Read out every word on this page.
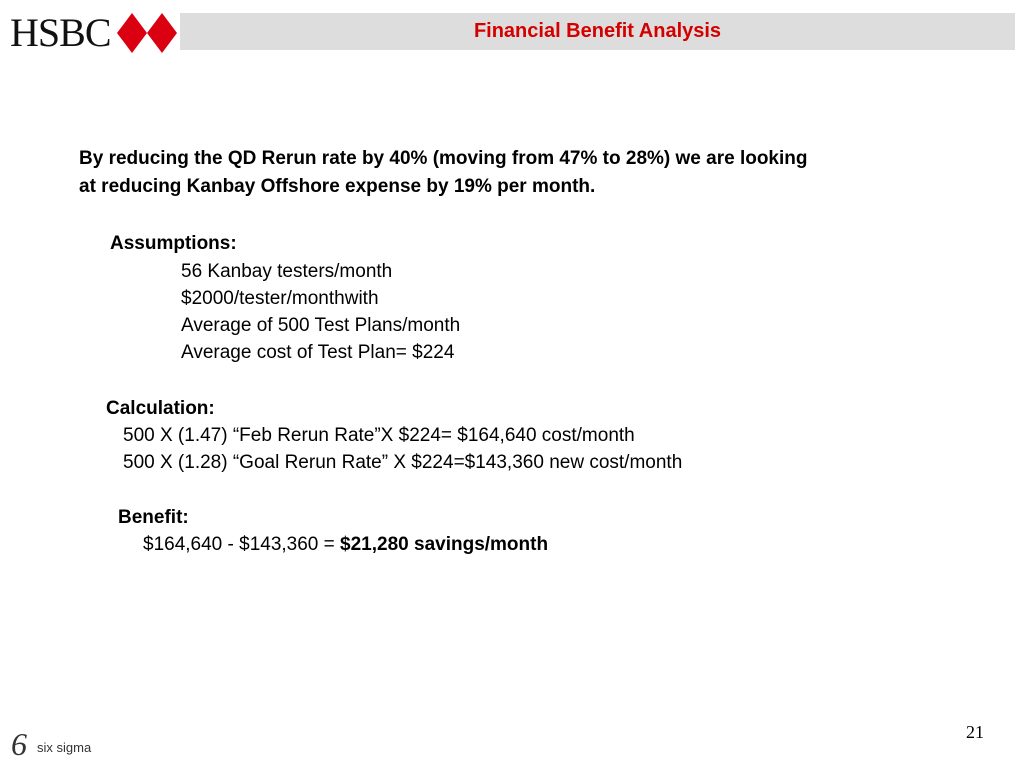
HSBC	Financial Benefit Analysis
By reducing the QD Rerun rate by 40% (moving from 47% to 28%) we are looking
at reducing Kanbay Offshore expense by 19% per month.
Assumptions:
56 Kanbay testers/month
$2000/tester/monthwith
Average of 500 Test Plans/month
Average cost of Test Plan= $224
Calculation:
500 X (1.47) “Feb Rerun Rate”X $224= $164,640 cost/month
500 X (1.28) “Goal Rerun Rate” X $224=$143,360 new cost/month
Benefit:
$164,640 - $143,360 = $21,280 savings/month
6 six sigma
21
